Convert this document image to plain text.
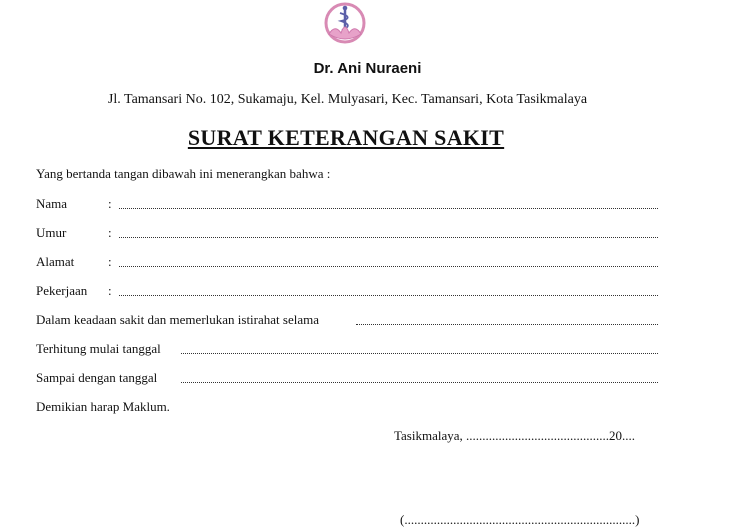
Dr. Ani Nuraeni
Jl. Tamansari No. 102, Sukamaju, Kel. Mulyasari, Kec. Tamansari, Kota Tasikmalaya
SURAT KETERANGAN SAKIT
Yang bertanda tangan dibawah ini menerangkan bahwa :
Nama	:
Umur	:
Alamat	:
Pekerjaan :
Dalam keadaan sakit dan memerlukan istirahat selama
Terhitung mulai tanggal
Sampai dengan tanggal
Demikian harap Maklum.
Tasikmalaya, ............................................20....
(.......................................................................)
